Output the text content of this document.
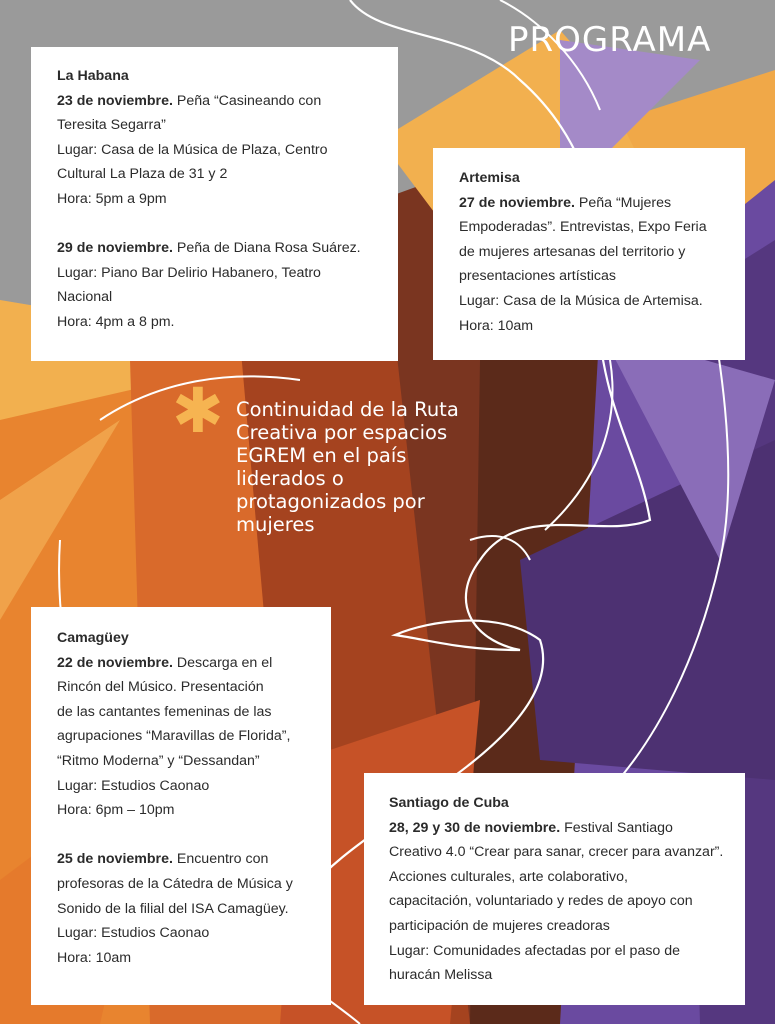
PROGRAMA
✱ Continuidad de la Ruta Creativa por espacios EGREM en el país liderados o protagonizados por mujeres

La Habana

23 de noviembre. Peña “Casineando con

Teresita Segarra”

Lugar: Casa de la Música de Plaza, Centro

Cultural La Plaza de 31 y 2

Hora: 5pm a 9pm

29 de noviembre. Peña de Diana Rosa Suárez.

Lugar: Piano Bar Delirio Habanero, Teatro

Nacional

Hora: 4pm a 8 pm.

Artemisa

27 de noviembre. Peña “Mujeres

Empoderadas”. Entrevistas, Expo Feria

de mujeres artesanas del territorio y

presentaciones artísticas

Lugar: Casa de la Música de Artemisa.

Hora: 10am

Camagüey

22 de noviembre. Descarga en el

Rincón del Músico. Presentación

de las cantantes femeninas de las

agrupaciones “Maravillas de Florida”,

“Ritmo Moderna” y “Dessandan”

Lugar: Estudios Caonao

Hora: 6pm – 10pm

25 de noviembre. Encuentro con

profesoras de la Cátedra de Música y

Sonido de la filial del ISA Camagüey.

Lugar: Estudios Caonao

Hora: 10am

Santiago de Cuba

28, 29 y 30 de noviembre. Festival Santiago

Creativo 4.0 “Crear para sanar, crecer para avanzar”.

Acciones culturales, arte colaborativo,

capacitación, voluntariado y redes de apoyo con

participación de mujeres creadoras

Lugar: Comunidades afectadas por el paso de

huracán Melissa
